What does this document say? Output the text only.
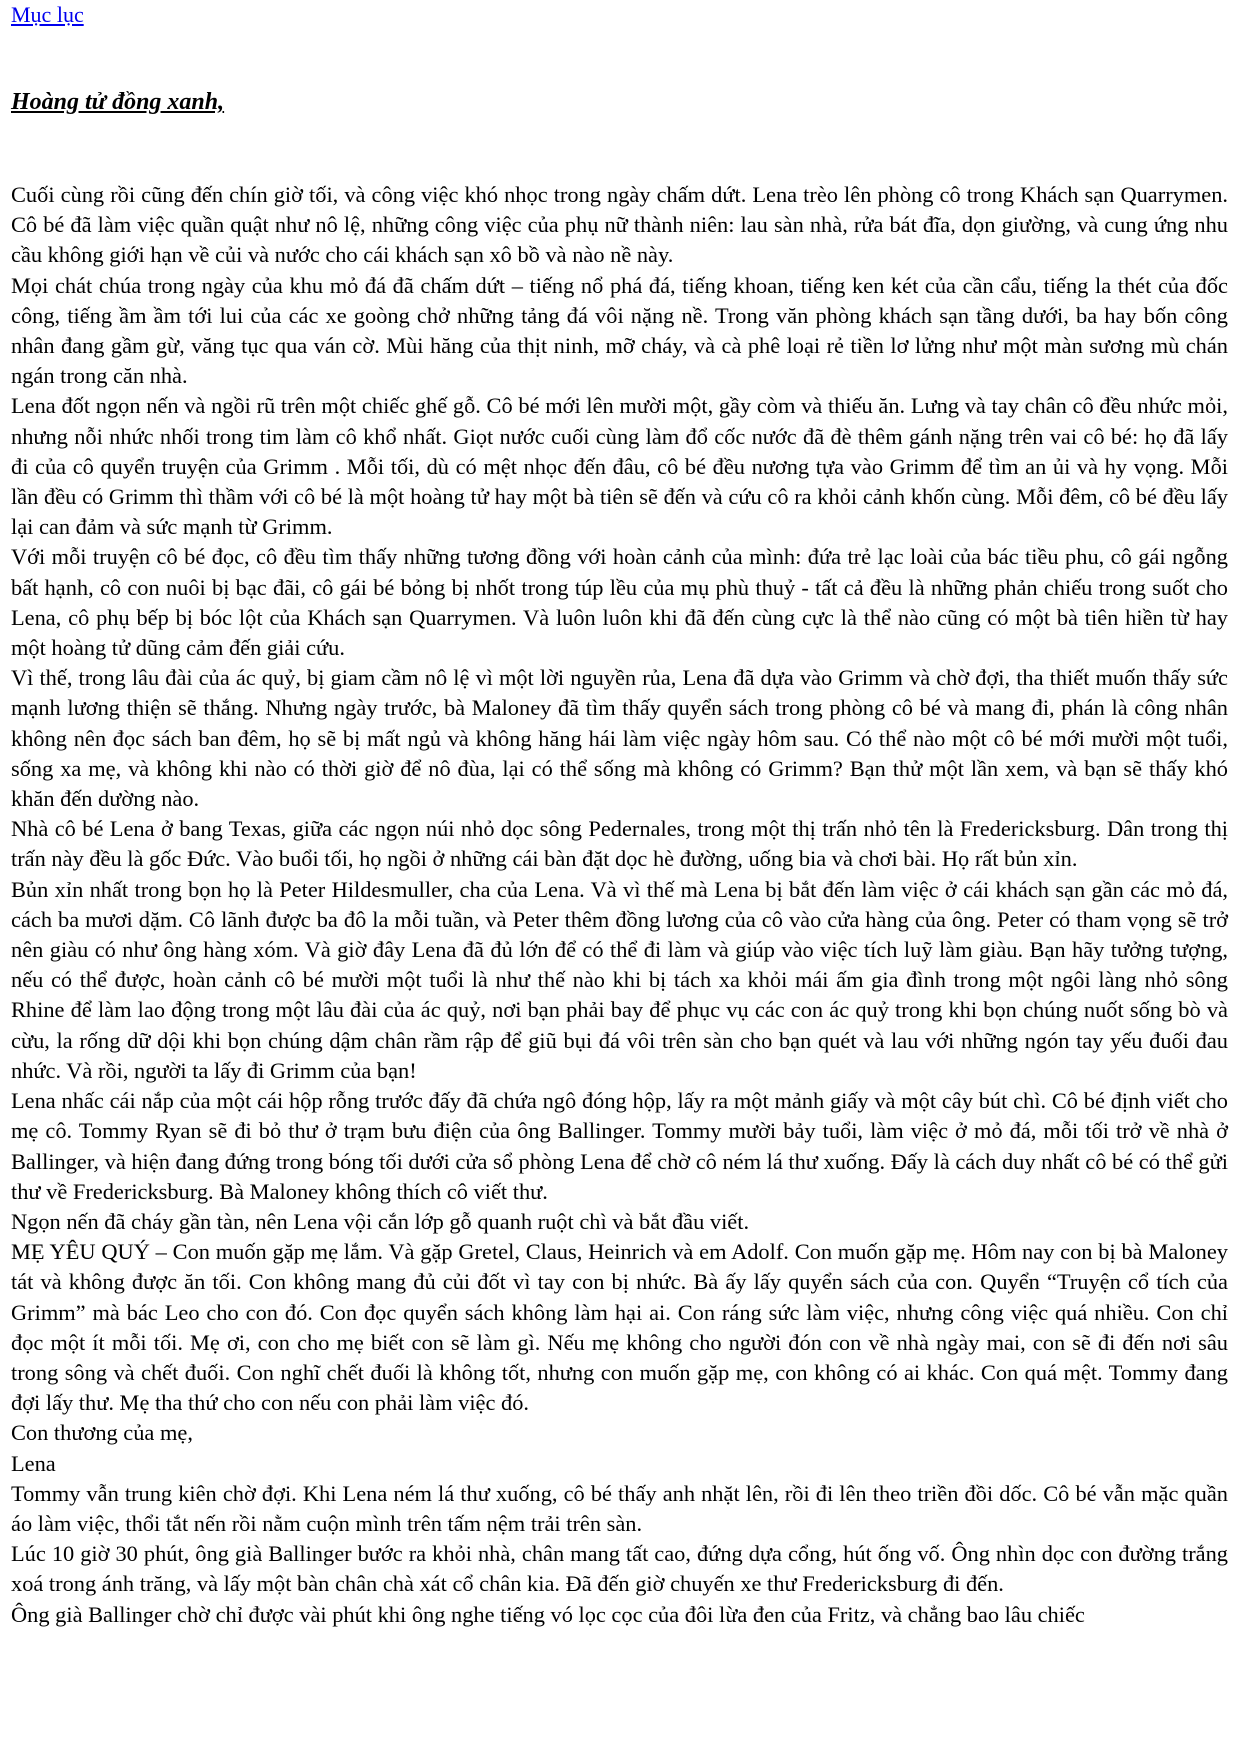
Mục lục
Hoàng tử đồng xanh,

Cuối cùng rồi cũng đến chín giờ tối, và công việc khó nhọc trong ngày chấm dứt. Lena trèo lên phòng cô trong Khách sạn Quarrymen. Cô bé đã làm việc quần quật như nô lệ, những công việc của phụ nữ thành niên: lau sàn nhà, rửa bát đĩa, dọn giường, và cung ứng nhu cầu không giới hạn về củi và nước cho cái khách sạn xô bồ và nào nề này.

Mọi chát chúa trong ngày của khu mỏ đá đã chấm dứt – tiếng nổ phá đá, tiếng khoan, tiếng ken két của cần cẩu, tiếng la thét của đốc công, tiếng ầm ầm tới lui của các xe goòng chở những tảng đá vôi nặng nề. Trong văn phòng khách sạn tầng dưới, ba hay bốn công nhân đang gầm gừ, văng tục qua ván cờ. Mùi hăng của thịt ninh, mỡ cháy, và cà phê loại rẻ tiền lơ lửng như một màn sương mù chán ngán trong căn nhà.

Lena đốt ngọn nến và ngồi rũ trên một chiếc ghế gỗ. Cô bé mới lên mười một, gầy còm và thiếu ăn. Lưng và tay chân cô đều nhức mỏi, nhưng nỗi nhức nhối trong tim làm cô khổ nhất. Giọt nước cuối cùng làm đổ cốc nước đã đè thêm gánh nặng trên vai cô bé: họ đã lấy đi của cô quyển truyện của Grimm . Mỗi tối, dù có mệt nhọc đến đâu, cô bé đều nương tựa vào Grimm để tìm an ủi và hy vọng. Mỗi lần đều có Grimm thì thầm với cô bé là một hoàng tử hay một bà tiên sẽ đến và cứu cô ra khỏi cảnh khốn cùng. Mỗi đêm, cô bé đều lấy lại can đảm và sức mạnh từ Grimm.

Với mỗi truyện cô bé đọc, cô đều tìm thấy những tương đồng với hoàn cảnh của mình: đứa trẻ lạc loài của bác tiều phu, cô gái ngỗng bất hạnh, cô con nuôi bị bạc đãi, cô gái bé bỏng bị nhốt trong túp lều của mụ phù thuỷ - tất cả đều là những phản chiếu trong suốt cho Lena, cô phụ bếp bị bóc lột của Khách sạn Quarrymen. Và luôn luôn khi đã đến cùng cực là thể nào cũng có một bà tiên hiền từ hay một hoàng tử dũng cảm đến giải cứu.

Vì thế, trong lâu đài của ác quỷ, bị giam cầm nô lệ vì một lời nguyền rủa, Lena đã dựa vào Grimm và chờ đợi, tha thiết muốn thấy sức mạnh lương thiện sẽ thắng. Nhưng ngày trước, bà Maloney đã tìm thấy quyển sách trong phòng cô bé và mang đi, phán là công nhân không nên đọc sách ban đêm, họ sẽ bị mất ngủ và không hăng hái làm việc ngày hôm sau. Có thể nào một cô bé mới mười một tuổi, sống xa mẹ, và không khi nào có thời giờ để nô đùa, lại có thể sống mà không có Grimm? Bạn thử một lần xem, và bạn sẽ thấy khó khăn đến dường nào.

Nhà cô bé Lena ở bang Texas, giữa các ngọn núi nhỏ dọc sông Pedernales, trong một thị trấn nhỏ tên là Fredericksburg. Dân trong thị trấn này đều là gốc Đức. Vào buổi tối, họ ngồi ở những cái bàn đặt dọc hè đường, uống bia và chơi bài. Họ rất bủn xỉn.

Bủn xỉn nhất trong bọn họ là Peter Hildesmuller, cha của Lena. Và vì thế mà Lena bị bắt đến làm việc ở cái khách sạn gần các mỏ đá, cách ba mươi dặm. Cô lãnh được ba đô la mỗi tuần, và Peter thêm đồng lương của cô vào cửa hàng của ông. Peter có tham vọng sẽ trở nên giàu có như ông hàng xóm. Và giờ đây Lena đã đủ lớn để có thể đi làm và giúp vào việc tích luỹ làm giàu. Bạn hãy tưởng tượng, nếu có thể được, hoàn cảnh cô bé mười một tuổi là như thế nào khi bị tách xa khỏi mái ấm gia đình trong một ngôi làng nhỏ sông Rhine để làm lao động trong một lâu đài của ác quỷ, nơi bạn phải bay để phục vụ các con ác quỷ trong khi bọn chúng nuốt sống bò và cừu, la rống dữ dội khi bọn chúng dậm chân rầm rập để giũ bụi đá vôi trên sàn cho bạn quét và lau với những ngón tay yếu đuối đau nhức. Và rồi, người ta lấy đi Grimm của bạn!

Lena nhấc cái nắp của một cái hộp rỗng trước đấy đã chứa ngô đóng hộp, lấy ra một mảnh giấy và một cây bút chì. Cô bé định viết cho mẹ cô. Tommy Ryan sẽ đi bỏ thư ở trạm bưu điện của ông Ballinger. Tommy mười bảy tuổi, làm việc ở mỏ đá, mỗi tối trở về nhà ở Ballinger, và hiện đang đứng trong bóng tối dưới cửa sổ phòng Lena để chờ cô ném lá thư xuống. Đấy là cách duy nhất cô bé có thể gửi thư về Fredericksburg. Bà Maloney không thích cô viết thư.

Ngọn nến đã cháy gần tàn, nên Lena vội cắn lớp gỗ quanh ruột chì và bắt đầu viết.

MẸ YÊU QUÝ – Con muốn gặp mẹ lắm. Và gặp Gretel, Claus, Heinrich và em Adolf. Con muốn gặp mẹ. Hôm nay con bị bà Maloney tát và không được ăn tối. Con không mang đủ củi đốt vì tay con bị nhức. Bà ấy lấy quyển sách của con. Quyển “Truyện cổ tích của Grimm” mà bác Leo cho con đó. Con đọc quyển sách không làm hại ai. Con ráng sức làm việc, nhưng công việc quá nhiều. Con chỉ đọc một ít mỗi tối. Mẹ ơi, con cho mẹ biết con sẽ làm gì. Nếu mẹ không cho người đón con về nhà ngày mai, con sẽ đi đến nơi sâu trong sông và chết đuối. Con nghĩ chết đuối là không tốt, nhưng con muốn gặp mẹ, con không có ai khác. Con quá mệt. Tommy đang đợi lấy thư. Mẹ tha thứ cho con nếu con phải làm việc đó.

Con thương của mẹ,

Lena

Tommy vẫn trung kiên chờ đợi. Khi Lena ném lá thư xuống, cô bé thấy anh nhặt lên, rồi đi lên theo triền đồi dốc. Cô bé vẫn mặc quần áo làm việc, thổi tắt nến rồi nằm cuộn mình trên tấm nệm trải trên sàn.

Lúc 10 giờ 30 phút, ông già Ballinger bước ra khỏi nhà, chân mang tất cao, đứng dựa cổng, hút ống vố. Ông nhìn dọc con đường trắng xoá trong ánh trăng, và lấy một bàn chân chà xát cổ chân kia. Đã đến giờ chuyến xe thư Fredericksburg đi đến.

Ông già Ballinger chờ chỉ được vài phút khi ông nghe tiếng vó lọc cọc của đôi lừa đen của Fritz, và chẳng bao lâu chiếc
